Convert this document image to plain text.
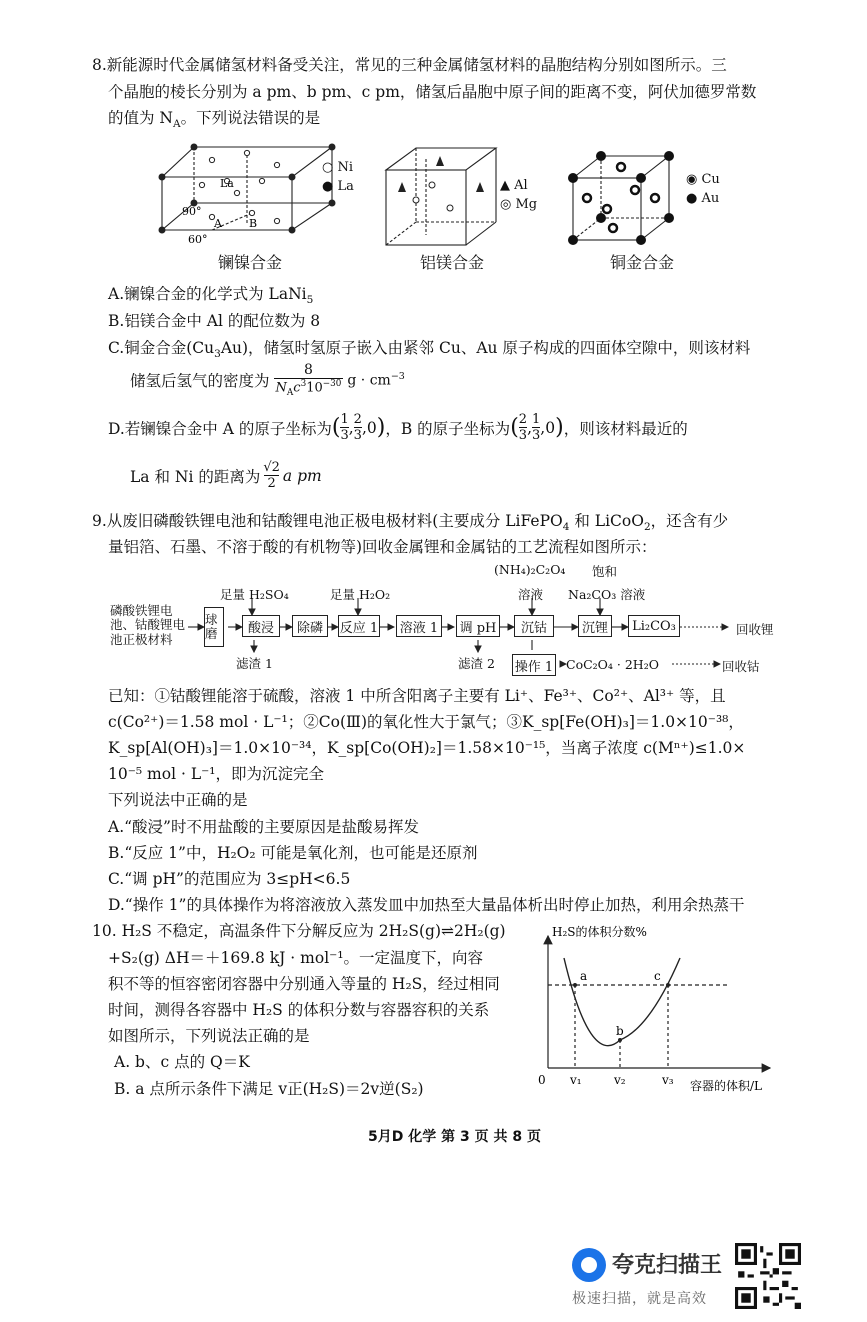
8.新能源时代金属储氢材料备受关注，常见的三种金属储氢材料的晶胞结构分别如图所示。三
个晶胞的棱长分别为 a pm、b pm、c pm，储氢后晶胞中原子间的距离不变，阿伏加德罗常数
的值为 $N_A$。下列说法错误的是
La
90°
60°
A B
○ Ni
● La
镧镍合金
▲ Al
◎ Mg
铝镁合金
◉ Cu
● Au
铜金合金
A.镧镍合金的化学式为 LaNi$_5$
B.铝镁合金中 Al 的配位数为 8
C.铜金合金$(Cu_3Au)$，储氢时氢原子嵌入由紧邻 Cu、Au 原子构成的四面体空隙中，则该材料
储氢后氢气的密度为
8
$N_Ac^310^{-30}$ $g \cdot cm^{-3}$
D.若镧镍合金中 A 的原子坐标为 ( 1
3 , 2
3 , 0 ) ，B 的原子坐标为 ( 2
3 , 1
3 , 0 ) ，则该材料最近的
La 和 Ni 的距离为 √2
2 a pm
9.从废旧磷酸铁锂电池和钴酸锂电池正极电极材料(主要成分 LiFePO$_4$ 和 LiCoO$_2$，还含有少
量铝箔、石墨、不溶于酸的有机物等)回收金属锂和金属钴的工艺流程如图所示：
磷酸铁锂电
池、钴酸锂电
池正极材料
球磨	酸浸	除磷	反应 1 溶液 1 调 pH	沉钴	沉锂	Li₂CO₃
操作 1
足量 H₂SO₄	足量 H₂O₂
(NH₄)₂C₂O₄
溶液
饱和
Na₂CO₃ 溶液
滤渣 1	滤渣 2	CoC₂O₄ · 2H₂O	回收钴
回收锂
已知：①钴酸锂能溶于硫酸，溶液 1 中所含阳离子主要有 Li⁺、Fe³⁺、Co²⁺、Al³⁺ 等，且
c(Co²⁺)＝1.58 mol · L⁻¹；②Co(Ⅲ)的氧化性大于氯气；③K_sp[Fe(OH)₃]＝1.0×10⁻³⁸，
K_sp[Al(OH)₃]＝1.0×10⁻³⁴，K_sp[Co(OH)₂]＝1.58×10⁻¹⁵，当离子浓度 c(Mⁿ⁺)≤1.0×
10⁻⁵ mol · L⁻¹，即为沉淀完全
下列说法中正确的是
A.“酸浸”时不用盐酸的主要原因是盐酸易挥发
B.“反应 1”中，H₂O₂ 可能是氧化剂，也可能是还原剂
C.“调 pH”的范围应为 3≤pH<6.5
D.“操作 1”的具体操作为将溶液放入蒸发皿中加热至大量晶体析出时停止加热，利用余热蒸干
10. H₂S 不稳定，高温条件下分解反应为 2H₂S(g)⇌2H₂(g)
+S₂(g) ΔH＝＋169.8 kJ · mol⁻¹。一定温度下，向容
积不等的恒容密闭容器中分别通入等量的 H₂S，经过相同
时间，测得各容器中 H₂S 的体积分数与容器容积的关系
如图所示，下列说法正确的是
A. b、c 点的 Q＝K
B. a 点所示条件下满足 v正(H₂S)＝2v逆(S₂)
H₂S的体积分数%
容器的体积/L
0 v₁	v₂	v₃
a
b
c
5月D 化学 第 3 页 共 8 页
夸克扫描王
极速扫描，就是高效
